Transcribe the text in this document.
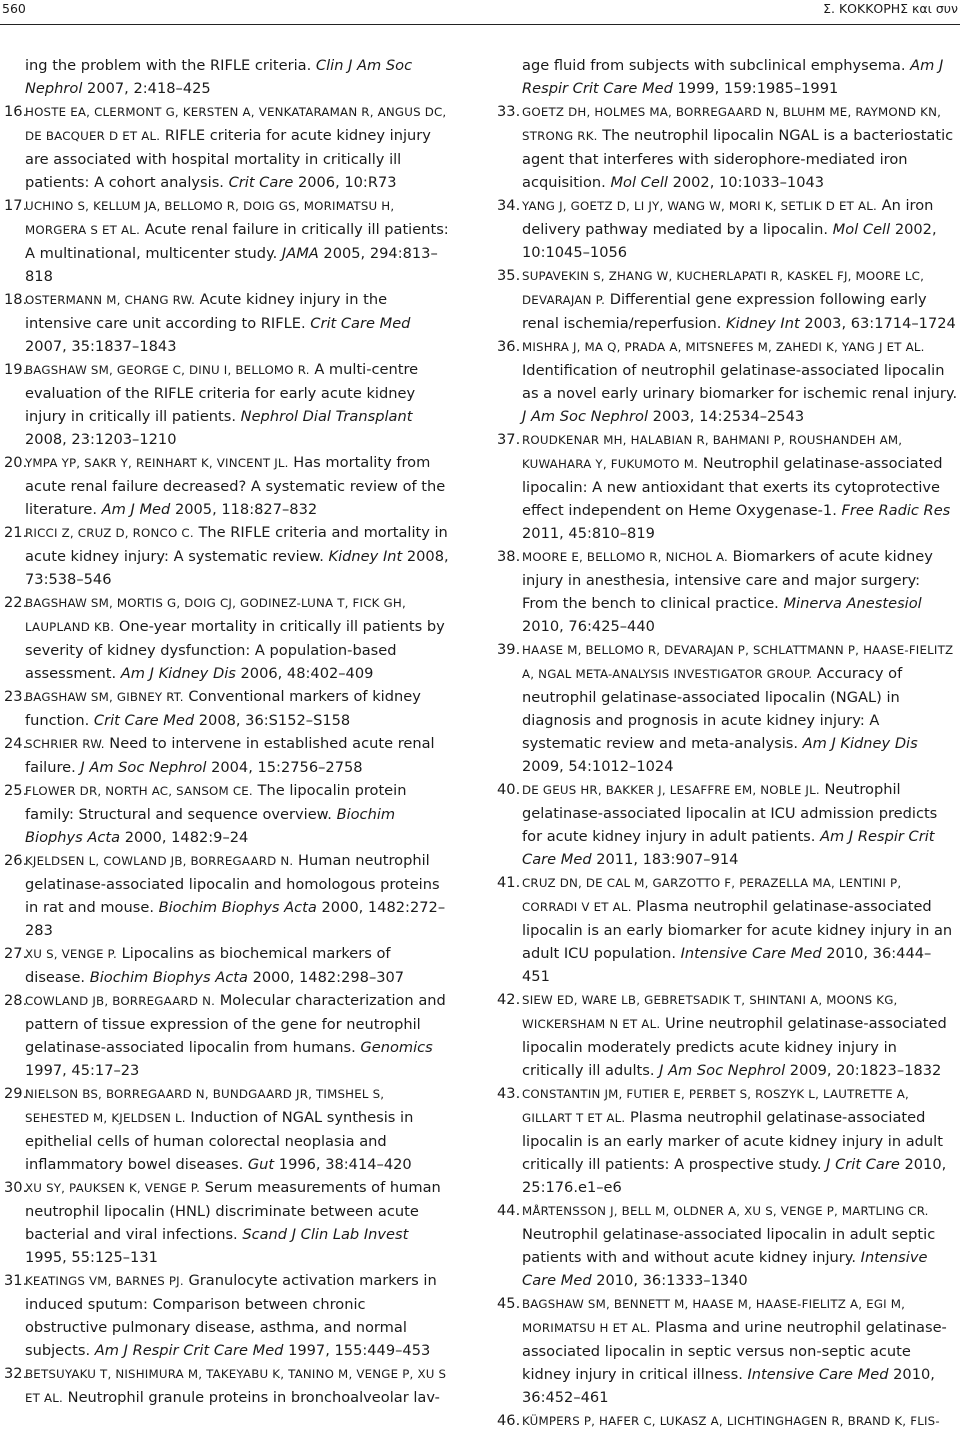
560	Σ. ΚΟΚΚΟΡΗΣ και συν

ing the problem with the RIFLE criteria. Clin J Am Soc Nephrol 2007, 2:418–425

16.
HOSTE EA, CLERMONT G, KERSTEN A, VENKATARAMAN R, ANGUS DC, DE BACQUER D ET AL. RIFLE criteria for acute kidney injury are associated with hospital mortality in critically ill patients: A cohort analysis. Crit Care 2006, 10:R73

17.
UCHINO S, KELLUM JA, BELLOMO R, DOIG GS, MORIMATSU H, MORGERA S ET AL. Acute renal failure in critically ill patients: A multinational, multicenter study. JAMA 2005, 294:813–818

18.
OSTERMANN M, CHANG RW. Acute kidney injury in the intensive care unit according to RIFLE. Crit Care Med 2007, 35:1837–1843

19.
BAGSHAW SM, GEORGE C, DINU I, BELLOMO R. A multi-centre evaluation of the RIFLE criteria for early acute kidney injury in critically ill patients. Nephrol Dial Transplant 2008, 23:1203–1210

20.
YMPA YP, SAKR Y, REINHART K, VINCENT JL. Has mortality from acute renal failure decreased? A systematic review of the literature. Am J Med 2005, 118:827–832

21.
RICCI Z, CRUZ D, RONCO C. The RIFLE criteria and mortality in acute kidney injury: A systematic review. Kidney Int 2008, 73:538–546

22.
BAGSHAW SM, MORTIS G, DOIG CJ, GODINEZ-LUNA T, FICK GH, LAUPLAND KB. One-year mortality in critically ill patients by severity of kidney dysfunction: A population-based assessment. Am J Kidney Dis 2006, 48:402–409

23.
BAGSHAW SM, GIBNEY RT. Conventional markers of kidney function. Crit Care Med 2008, 36:S152–S158

24.
SCHRIER RW. Need to intervene in established acute renal failure. J Am Soc Nephrol 2004, 15:2756–2758

25.
FLOWER DR, NORTH AC, SANSOM CE. The lipocalin protein family: Structural and sequence overview. Biochim Biophys Acta 2000, 1482:9–24

26.
KJELDSEN L, COWLAND JB, BORREGAARD N. Human neutrophil gelatinase-associated lipocalin and homologous proteins in rat and mouse. Biochim Biophys Acta 2000, 1482:272–283

27.
XU S, VENGE P. Lipocalins as biochemical markers of disease. Biochim Biophys Acta 2000, 1482:298–307

28.
COWLAND JB, BORREGAARD N. Molecular characterization and pattern of tissue expression of the gene for neutrophil gelatinase-associated lipocalin from humans. Genomics 1997, 45:17–23

29.
NIELSON BS, BORREGAARD N, BUNDGAARD JR, TIMSHEL S, SEHESTED M, KJELDSEN L. Induction of NGAL synthesis in epithelial cells of human colorectal neoplasia and inflammatory bowel diseases. Gut 1996, 38:414–420

30.
XU SY, PAUKSEN K, VENGE P. Serum measurements of human neutrophil lipocalin (HNL) discriminate between acute bacterial and viral infections. Scand J Clin Lab Invest 1995, 55:125–131

31.
KEATINGS VM, BARNES PJ. Granulocyte activation markers in induced sputum: Comparison between chronic obstructive pulmonary disease, asthma, and normal subjects. Am J Respir Crit Care Med 1997, 155:449–453

32.
BETSUYAKU T, NISHIMURA M, TAKEYABU K, TANINO M, VENGE P, XU S ET AL. Neutrophil granule proteins in bronchoalveolar lav-

age fluid from subjects with subclinical emphysema. Am J Respir Crit Care Med 1999, 159:1985–1991

33. GOETZ DH, HOLMES MA, BORREGAARD N, BLUHM ME, RAYMOND KN, STRONG RK. The neutrophil lipocalin NGAL is a bacteriostatic agent that interferes with siderophore-mediated iron acquisition. Mol Cell 2002, 10:1033–1043

34. YANG J, GOETZ D, LI JY, WANG W, MORI K, SETLIK D ET AL. An iron delivery pathway mediated by a lipocalin. Mol Cell 2002, 10:1045–1056

35. SUPAVEKIN S, ZHANG W, KUCHERLAPATI R, KASKEL FJ, MOORE LC, DEVARAJAN P. Differential gene expression following early renal ischemia/reperfusion. Kidney Int 2003, 63:1714–1724

36. MISHRA J, MA Q, PRADA A, MITSNEFES M, ZAHEDI K, YANG J ET AL. Identification of neutrophil gelatinase-associated lipocalin as a novel early urinary biomarker for ischemic renal injury. J Am Soc Nephrol 2003, 14:2534–2543

37. ROUDKENAR MH, HALABIAN R, BAHMANI P, ROUSHANDEH AM, KUWAHARA Y, FUKUMOTO M. Neutrophil gelatinase-associated lipocalin: A new antioxidant that exerts its cytoprotective effect independent on Heme Oxygenase-1. Free Radic Res 2011, 45:810–819

38. MOORE E, BELLOMO R, NICHOL A. Biomarkers of acute kidney injury in anesthesia, intensive care and major surgery: From the bench to clinical practice. Minerva Anestesiol 2010, 76:425–440

39. HAASE M, BELLOMO R, DEVARAJAN P, SCHLATTMANN P, HAASE-FIELITZ A, NGAL META-ANALYSIS INVESTIGATOR GROUP. Accuracy of neutrophil gelatinase-associated lipocalin (NGAL) in diagnosis and prognosis in acute kidney injury: A systematic review and meta-analysis. Am J Kidney Dis 2009, 54:1012–1024

40. DE GEUS HR, BAKKER J, LESAFFRE EM, NOBLE JL. Neutrophil gelatinase-associated lipocalin at ICU admission predicts for acute kidney injury in adult patients. Am J Respir Crit Care Med 2011, 183:907–914

41. CRUZ DN, DE CAL M, GARZOTTO F, PERAZELLA MA, LENTINI P, CORRADI V ET AL. Plasma neutrophil gelatinase-associated lipocalin is an early biomarker for acute kidney injury in an adult ICU population. Intensive Care Med 2010, 36:444–451

42. SIEW ED, WARE LB, GEBRETSADIK T, SHINTANI A, MOONS KG, WICKERSHAM N ET AL. Urine neutrophil gelatinase-associated lipocalin moderately predicts acute kidney injury in critically ill adults. J Am Soc Nephrol 2009, 20:1823–1832

43. CONSTANTIN JM, FUTIER E, PERBET S, ROSZYK L, LAUTRETTE A, GILLART T ET AL. Plasma neutrophil gelatinase-associated lipocalin is an early marker of acute kidney injury in adult critically ill patients: A prospective study. J Crit Care 2010, 25:176.e1–e6

44. MÅRTENSSON J, BELL M, OLDNER A, XU S, VENGE P, MARTLING CR. Neutrophil gelatinase-associated lipocalin in adult septic patients with and without acute kidney injury. Intensive Care Med 2010, 36:1333–1340

45. BAGSHAW SM, BENNETT M, HAASE M, HAASE-FIELITZ A, EGI M, MORIMATSU H ET AL. Plasma and urine neutrophil gelatinase-associated lipocalin in septic versus non-septic acute kidney injury in critical illness. Intensive Care Med 2010, 36:452–461

46. KÜMPERS P, HAFER C, LUKASZ A, LICHTINGHAGEN R, BRAND K, FLIS-
